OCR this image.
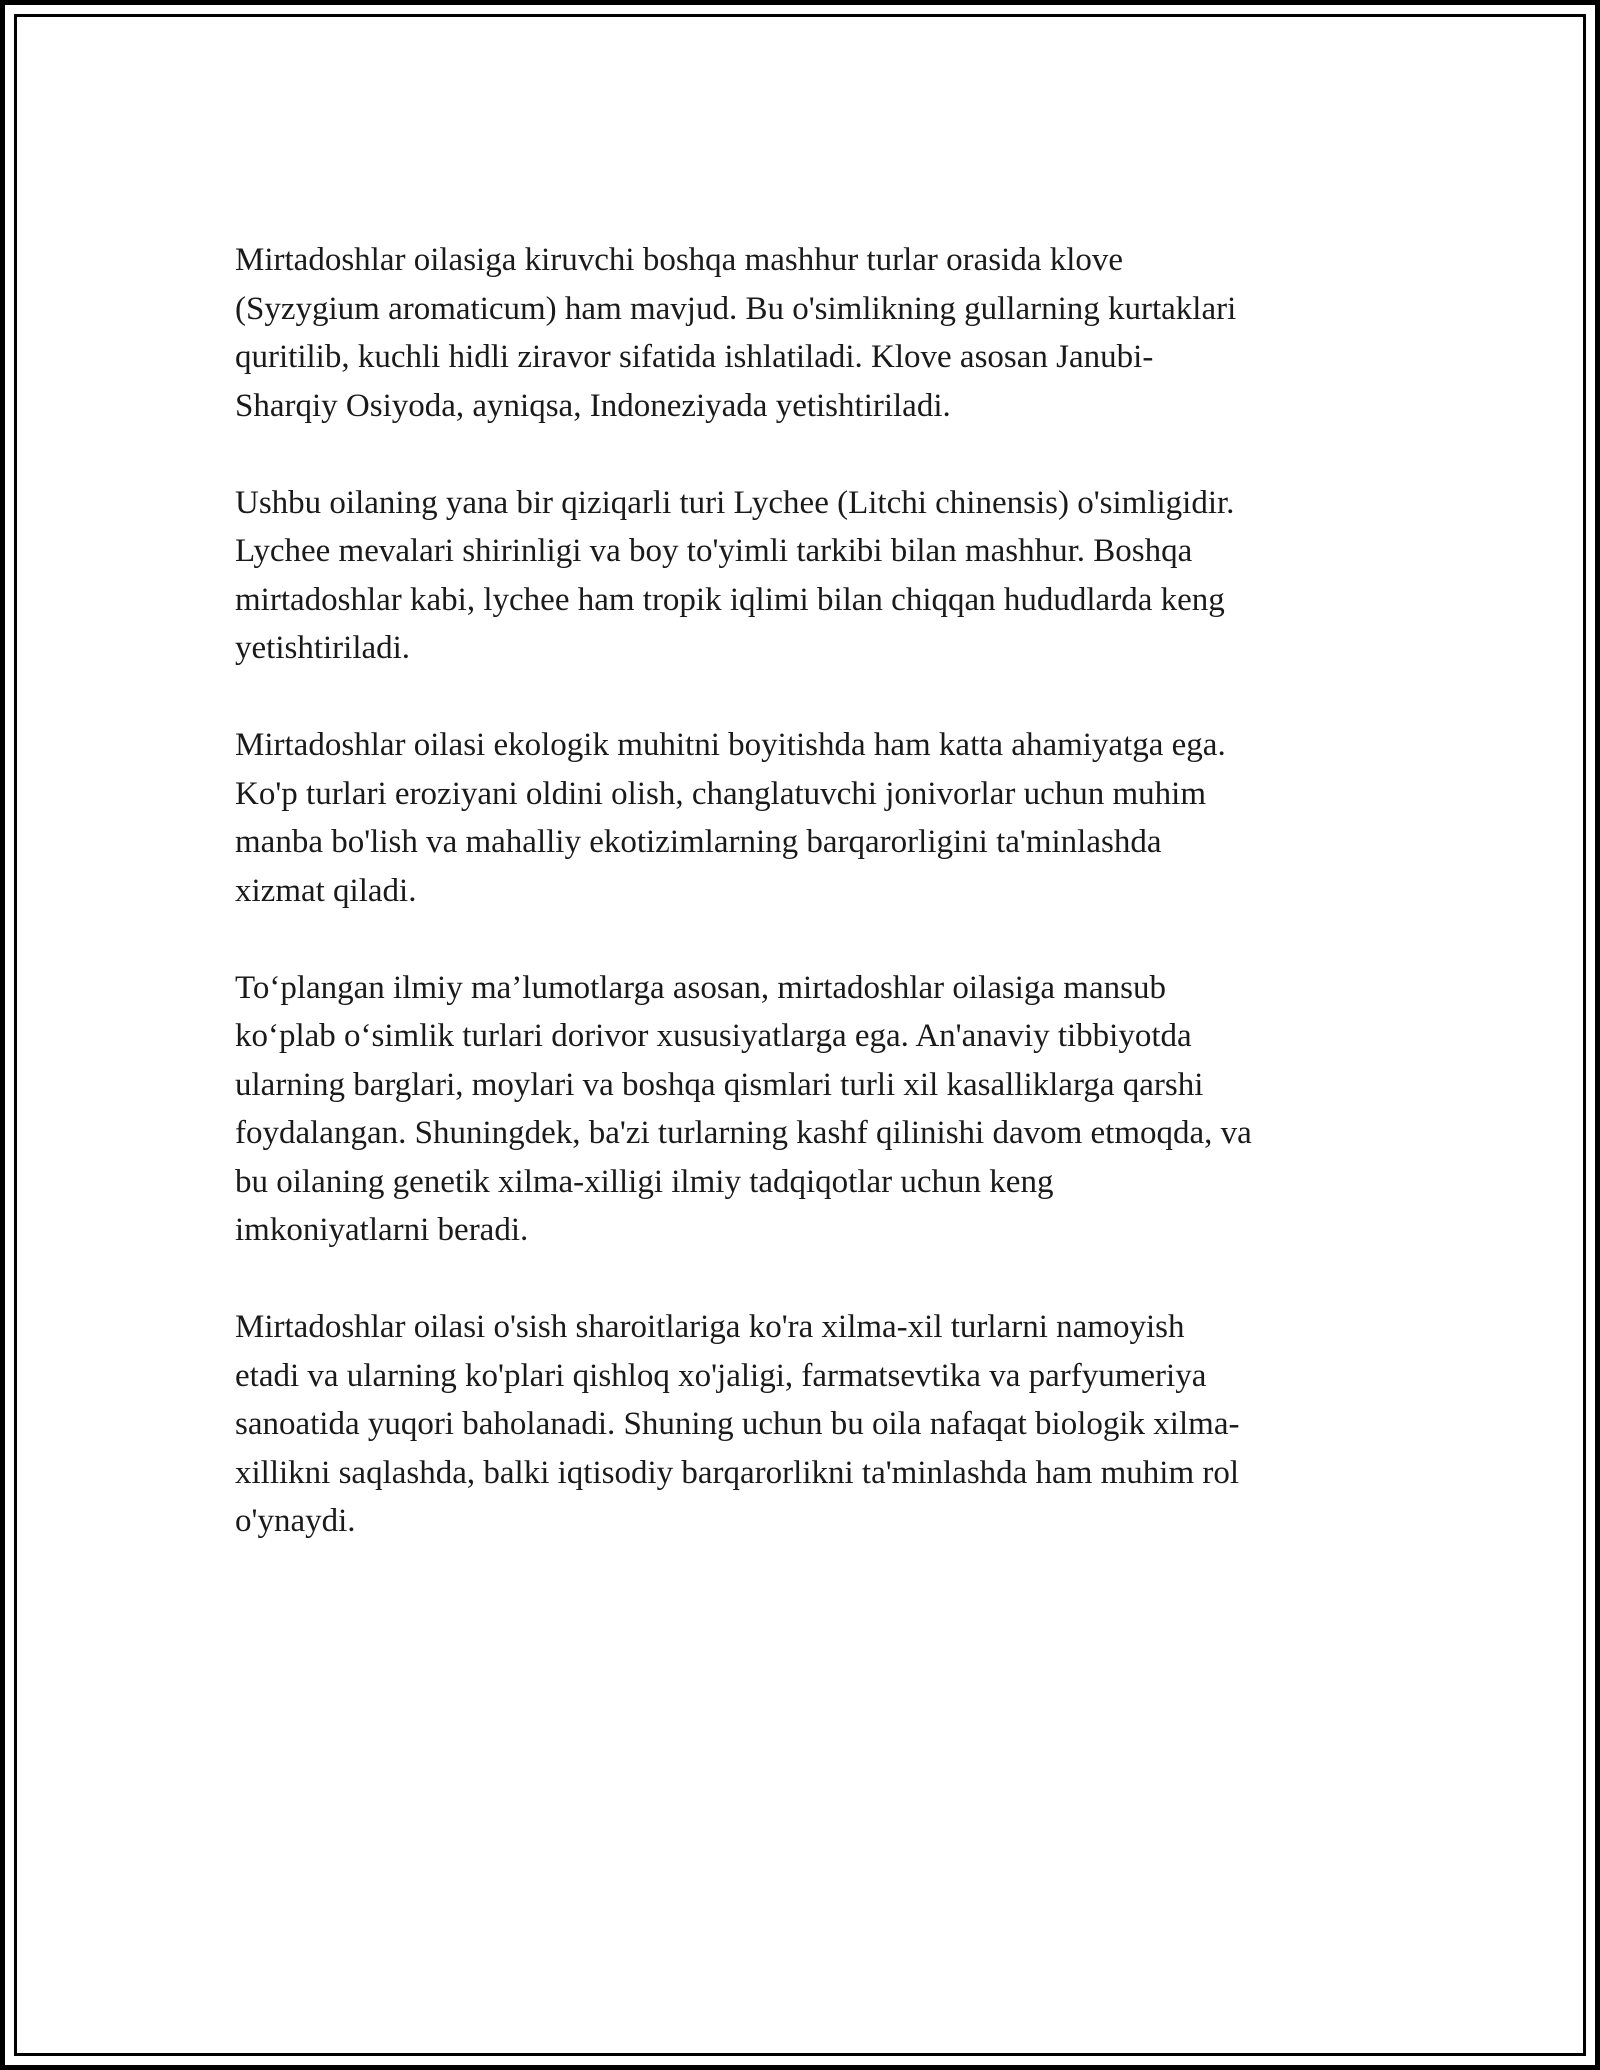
Mirtadoshlar oilasiga kiruvchi boshqa mashhur turlar orasida klove
(Syzygium aromaticum) ham mavjud. Bu o'simlikning gullarning kurtaklari
quritilib, kuchli hidli ziravor sifatida ishlatiladi. Klove asosan Janubi-
Sharqiy Osiyoda, ayniqsa, Indoneziyada yetishtiriladi.

Ushbu oilaning yana bir qiziqarli turi Lychee (Litchi chinensis) o'simligidir.
Lychee mevalari shirinligi va boy to'yimli tarkibi bilan mashhur. Boshqa
mirtadoshlar kabi, lychee ham tropik iqlimi bilan chiqqan hududlarda keng
yetishtiriladi.

Mirtadoshlar oilasi ekologik muhitni boyitishda ham katta ahamiyatga ega.
Ko'p turlari eroziyani oldini olish, changlatuvchi jonivorlar uchun muhim
manba bo'lish va mahalliy ekotizimlarning barqarorligini ta'minlashda
xizmat qiladi.

To‘plangan ilmiy ma’lumotlarga asosan, mirtadoshlar oilasiga mansub
ko‘plab o‘simlik turlari dorivor xususiyatlarga ega. An'anaviy tibbiyotda
ularning barglari, moylari va boshqa qismlari turli xil kasalliklarga qarshi
foydalangan. Shuningdek, ba'zi turlarning kashf qilinishi davom etmoqda, va
bu oilaning genetik xilma-xilligi ilmiy tadqiqotlar uchun keng
imkoniyatlarni beradi.

Mirtadoshlar oilasi o'sish sharoitlariga ko'ra xilma-xil turlarni namoyish
etadi va ularning ko'plari qishloq xo'jaligi, farmatsevtika va parfyumeriya
sanoatida yuqori baholanadi. Shuning uchun bu oila nafaqat biologik xilma-
xillikni saqlashda, balki iqtisodiy barqarorlikni ta'minlashda ham muhim rol
o'ynaydi.
